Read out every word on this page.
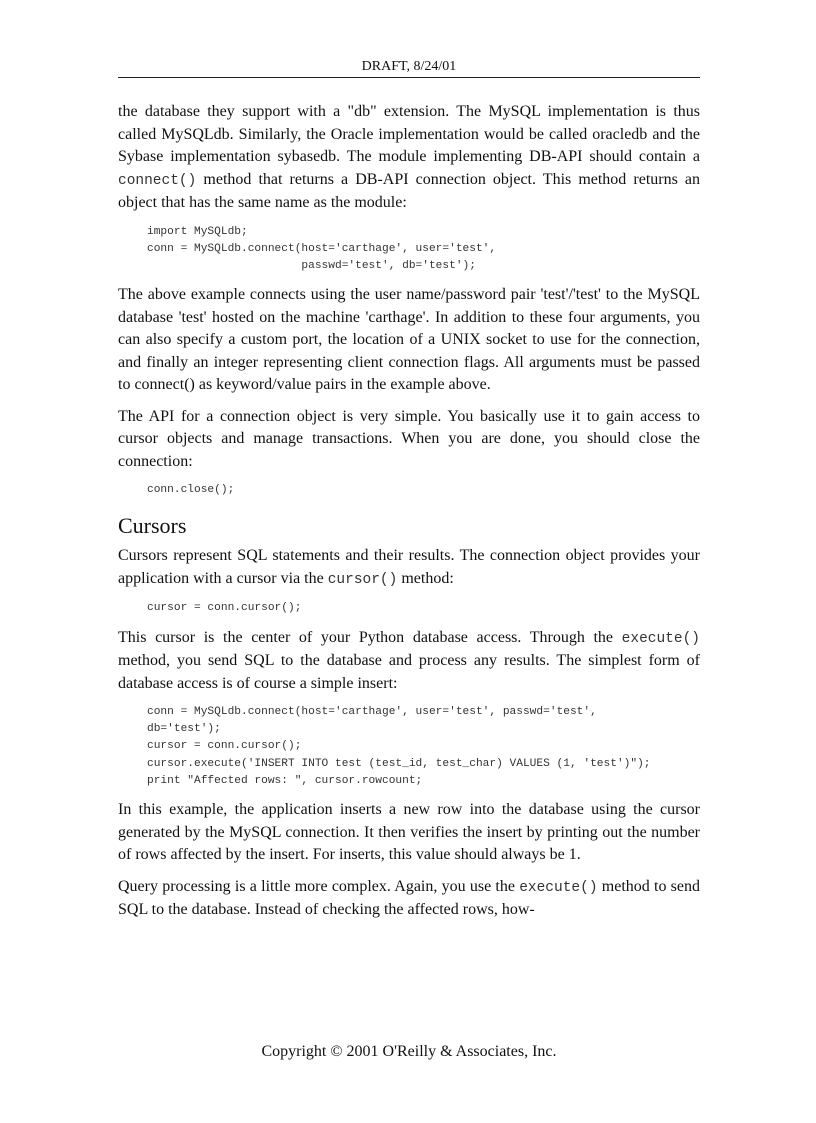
DRAFT, 8/24/01

the database they support with a "db" extension. The MySQL implementation is thus called MySQLdb. Similarly, the Oracle implementation would be called oracledb and the Sybase implementation sybasedb. The module implementing DB-API should contain a connect() method that returns a DB-API connection object. This method returns an object that has the same name as the module:

import MySQLdb;
conn = MySQLdb.connect(host='carthage', user='test',
passwd='test', db='test');

The above example connects using the user name/password pair 'test'/'test' to the MySQL database 'test' hosted on the machine 'carthage'. In addition to these four arguments, you can also specify a custom port, the location of a UNIX socket to use for the connection, and finally an integer representing client connection flags. All arguments must be passed to connect() as keyword/value pairs in the example above.

The API for a connection object is very simple. You basically use it to gain access to cursor objects and manage transactions. When you are done, you should close the connection:

conn.close();
Cursors

Cursors represent SQL statements and their results. The connection object provides your application with a cursor via the cursor() method:

cursor = conn.cursor();

This cursor is the center of your Python database access. Through the execute() method, you send SQL to the database and process any results. The simplest form of database access is of course a simple insert:

conn = MySQLdb.connect(host='carthage', user='test', passwd='test',
db='test');
cursor = conn.cursor();
cursor.execute('INSERT INTO test (test_id, test_char) VALUES (1, 'test')");
print "Affected rows: ", cursor.rowcount;

In this example, the application inserts a new row into the database using the cursor generated by the MySQL connection. It then verifies the insert by printing out the number of rows affected by the insert. For inserts, this value should always be 1.

Query processing is a little more complex. Again, you use the execute() method to send SQL to the database. Instead of checking the affected rows, how-

Copyright © 2001 O'Reilly & Associates, Inc.
